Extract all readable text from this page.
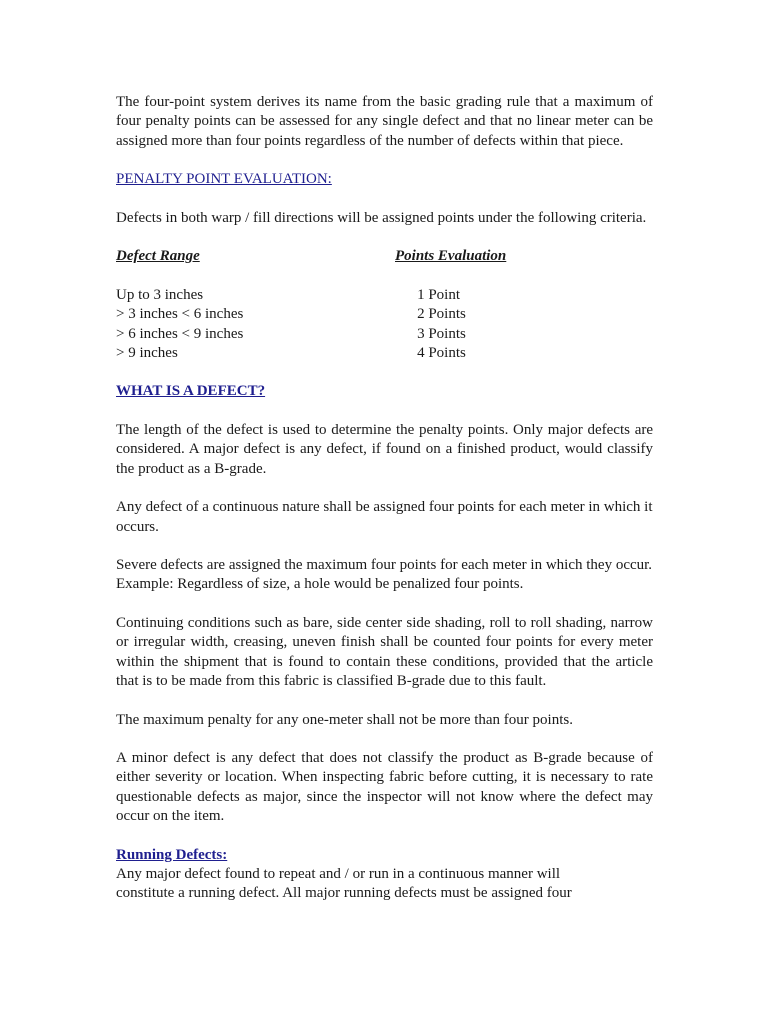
The four-point system derives its name from the basic grading rule that a maximum of four penalty points can be assessed for any single defect and that no linear meter can be assigned more than four points regardless of the number of defects within that piece.

PENALTY POINT EVALUATION:

Defects in both warp / fill directions will be assigned points under the following criteria.

Defect Range	Points Evaluation
Up to 3 inches	1 Point
> 3 inches < 6 inches	2 Points
> 6 inches < 9 inches	3 Points
> 9 inches	4 Points
WHAT IS A DEFECT?

The length of the defect is used to determine the penalty points. Only major defects are considered. A major defect is any defect, if found on a finished product, would classify the product as a B-grade.

Any defect of a continuous nature shall be assigned four points for each meter in which it occurs.

Severe defects are assigned the maximum four points for each meter in which they occur.
Example: Regardless of size, a hole would be penalized four points.

Continuing conditions such as bare, side center side shading, roll to roll shading, narrow or irregular width, creasing, uneven finish shall be counted four points for every meter within the shipment that is found to contain these conditions, provided that the article that is to be made from this fabric is classified B-grade due to this fault.

The maximum penalty for any one-meter shall not be more than four points.

A minor defect is any defect that does not classify the product as B-grade because of either severity or location. When inspecting fabric before cutting, it is necessary to rate questionable defects as major, since the inspector will not know where the defect may occur on the item.

Running Defects:

Any major defect found to repeat and / or run in a continuous manner will
constitute a running defect. All major running defects must be assigned four
